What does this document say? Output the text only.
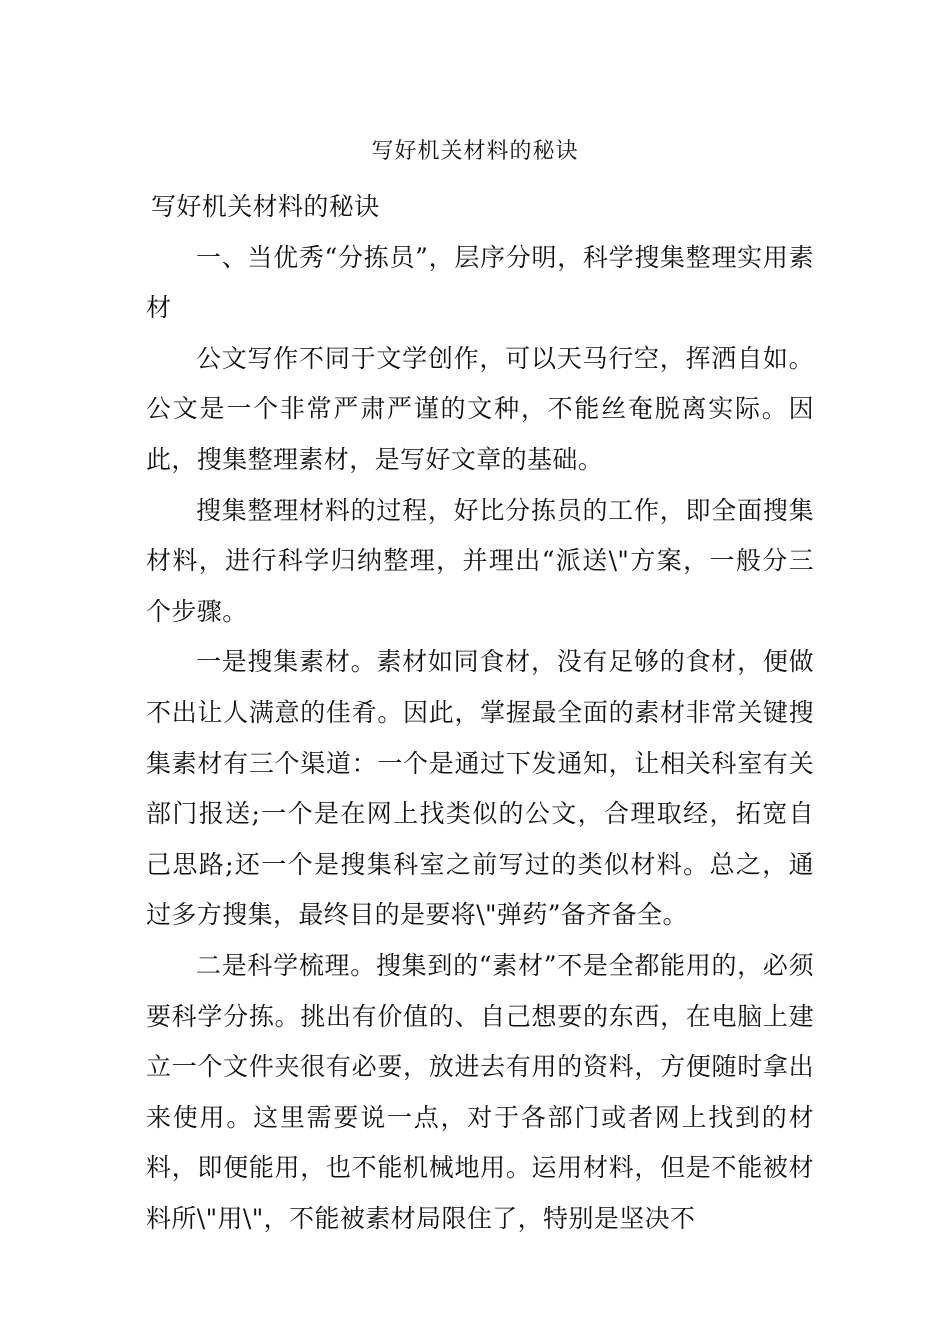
写好机关材料的秘诀

写好机关材料的秘诀

一、当优秀“分拣员”，层序分明，科学搜集整理实用素材

公文写作不同于文学创作，可以天马行空，挥洒自如。公文是一个非常严肃严谨的文种，不能丝奄脱离实际。因此，搜集整理素材，是写好文章的基础。

搜集整理材料的过程，好比分拣员的工作，即全面搜集材料，进行科学归纳整理，并理出“派送\"方案，一般分三个步骤。

一是搜集素材。素材如同食材，没有足够的食材，便做不出让人满意的佳肴。因此，掌握最全面的素材非常关键搜集素材有三个渠道：一个是通过下发通知，让相关科室有关部门报送;一个是在网上找类似的公文，合理取经，拓宽自己思路;还一个是搜集科室之前写过的类似材料。总之，通过多方搜集，最终目的是要将\"弹药”备齐备全。

二是科学梳理。搜集到的“素材”不是全都能用的，必须要科学分拣。挑出有价值的、自己想要的东西，在电脑上建立一个文件夹很有必要，放进去有用的资料，方便随时拿出来使用。这里需要说一点，对于各部门或者网上找到的材料，即便能用，也不能机械地用。运用材料，但是不能被材料所\"用\"，不能被素材局限住了，特别是坚决不
